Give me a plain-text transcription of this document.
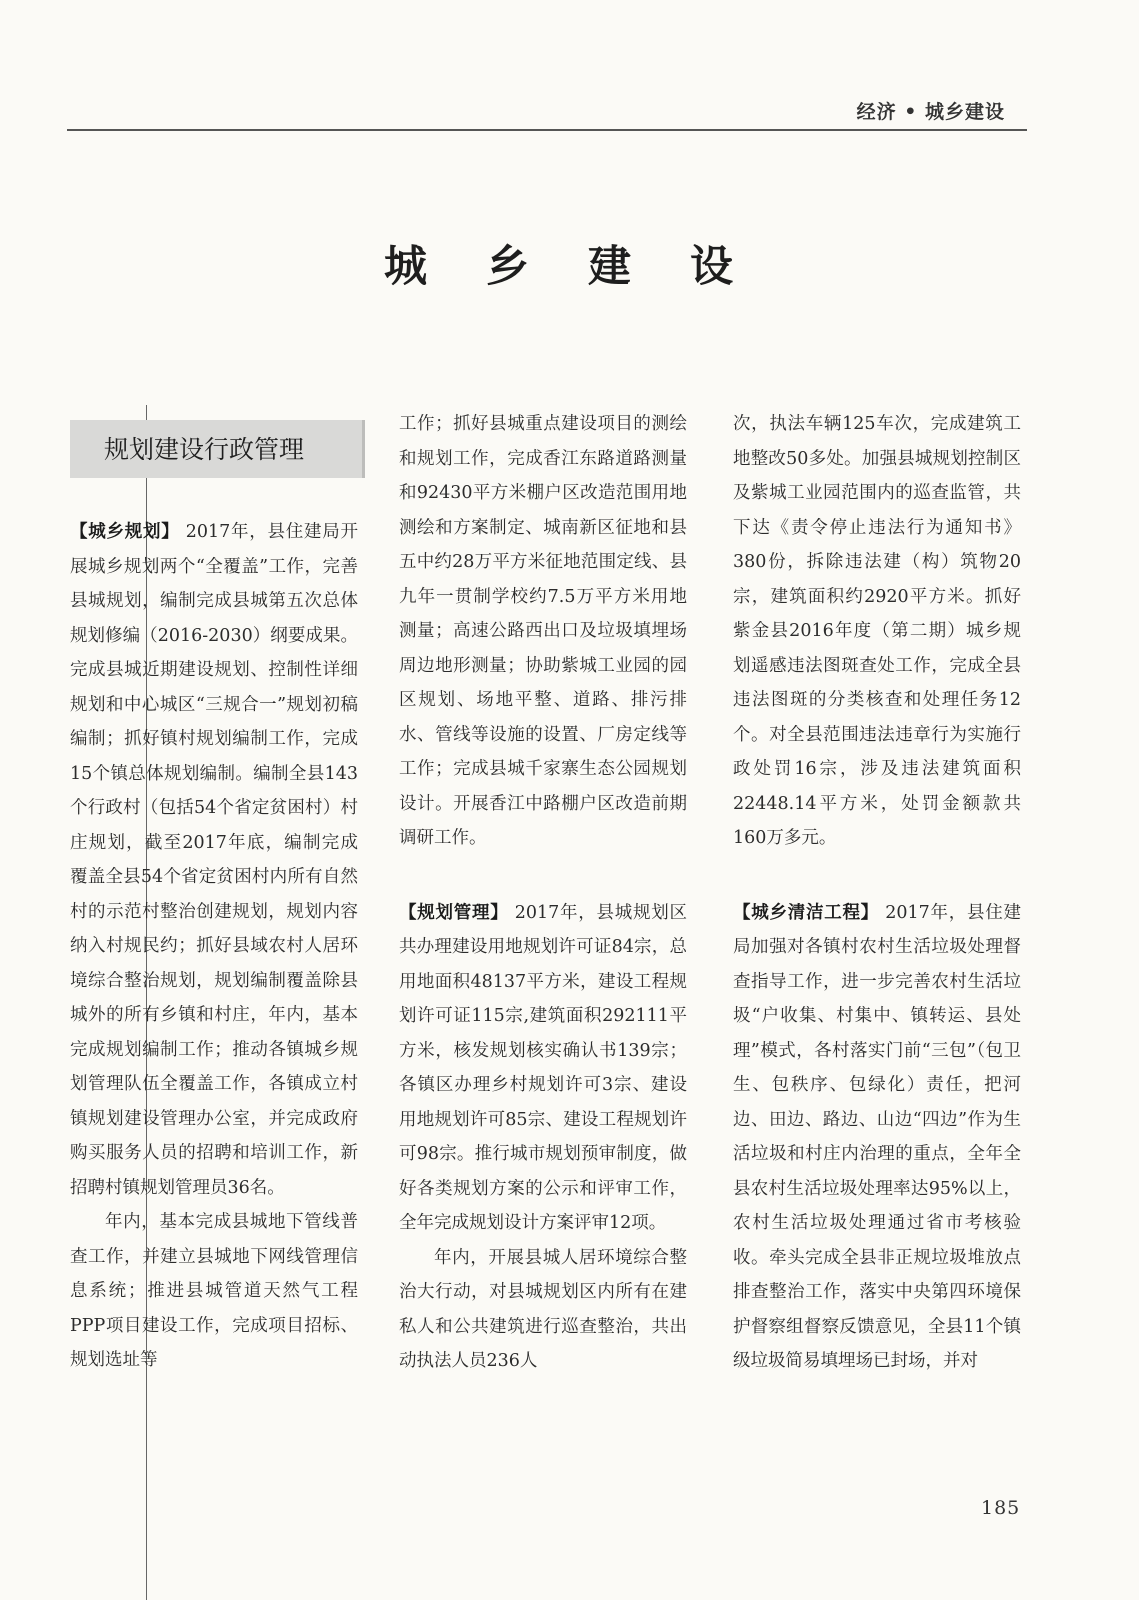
经济 • 城乡建设
城 乡 建 设
规划建设行政管理

【城乡规划】 2017年，县住建局开展城乡规划两个“全覆盖”工作，完善县城规划，编制完成县城第五次总体规划修编（2016-2030）纲要成果。完成县城近期建设规划、控制性详细规划和中心城区“三规合一”规划初稿编制；抓好镇村规划编制工作，完成15个镇总体规划编制。编制全县143个行政村（包括54个省定贫困村）村庄规划，截至2017年底，编制完成覆盖全县54个省定贫困村内所有自然村的示范村整治创建规划，规划内容纳入村规民约；抓好县域农村人居环境综合整治规划，规划编制覆盖除县城外的所有乡镇和村庄，年内，基本完成规划编制工作；推动各镇城乡规划管理队伍全覆盖工作，各镇成立村镇规划建设管理办公室，并完成政府购买服务人员的招聘和培训工作，新招聘村镇规划管理员36名。

年内，基本完成县城地下管线普查工作，并建立县城地下网线管理信息系统；推进县城管道天然气工程PPP项目建设工作，完成项目招标、规划选址等

工作；抓好县城重点建设项目的测绘和规划工作，完成香江东路道路测量和92430平方米棚户区改造范围用地测绘和方案制定、城南新区征地和县五中约28万平方米征地范围定线、县九年一贯制学校约7.5万平方米用地测量；高速公路西出口及垃圾填埋场周边地形测量；协助紫城工业园的园区规划、场地平整、道路、排污排水、管线等设施的设置、厂房定线等工作；完成县城千家寨生态公园规划设计。开展香江中路棚户区改造前期调研工作。

【规划管理】 2017年，县城规划区共办理建设用地规划许可证84宗，总用地面积48137平方米，建设工程规划许可证115宗,建筑面积292111平方米，核发规划核实确认书139宗；各镇区办理乡村规划许可3宗、建设用地规划许可85宗、建设工程规划许可98宗。推行城市规划预审制度，做好各类规划方案的公示和评审工作，全年完成规划设计方案评审12项。

年内，开展县城人居环境综合整治大行动，对县城规划区内所有在建私人和公共建筑进行巡查整治，共出动执法人员236人

次，执法车辆125车次，完成建筑工地整改50多处。加强县城规划控制区及紫城工业园范围内的巡查监管，共下达《责令停止违法行为通知书》380份，拆除违法建（构）筑物20宗，建筑面积约2920平方米。抓好紫金县2016年度（第二期）城乡规划遥感违法图斑查处工作，完成全县违法图斑的分类核查和处理任务12个。对全县范围违法违章行为实施行政处罚16宗，涉及违法建筑面积22448.14平方米，处罚金额款共160万多元。

【城乡清洁工程】 2017年，县住建局加强对各镇村农村生活垃圾处理督查指导工作，进一步完善农村生活垃圾“户收集、村集中、镇转运、县处理”模式，各村落实门前“三包”（包卫生、包秩序、包绿化）责任，把河边、田边、路边、山边“四边”作为生活垃圾和村庄内治理的重点，全年全县农村生活垃圾处理率达95%以上，农村生活垃圾处理通过省市考核验收。牵头完成全县非正规垃圾堆放点排查整治工作，落实中央第四环境保护督察组督察反馈意见，全县11个镇级垃圾简易填埋场已封场，并对

185
